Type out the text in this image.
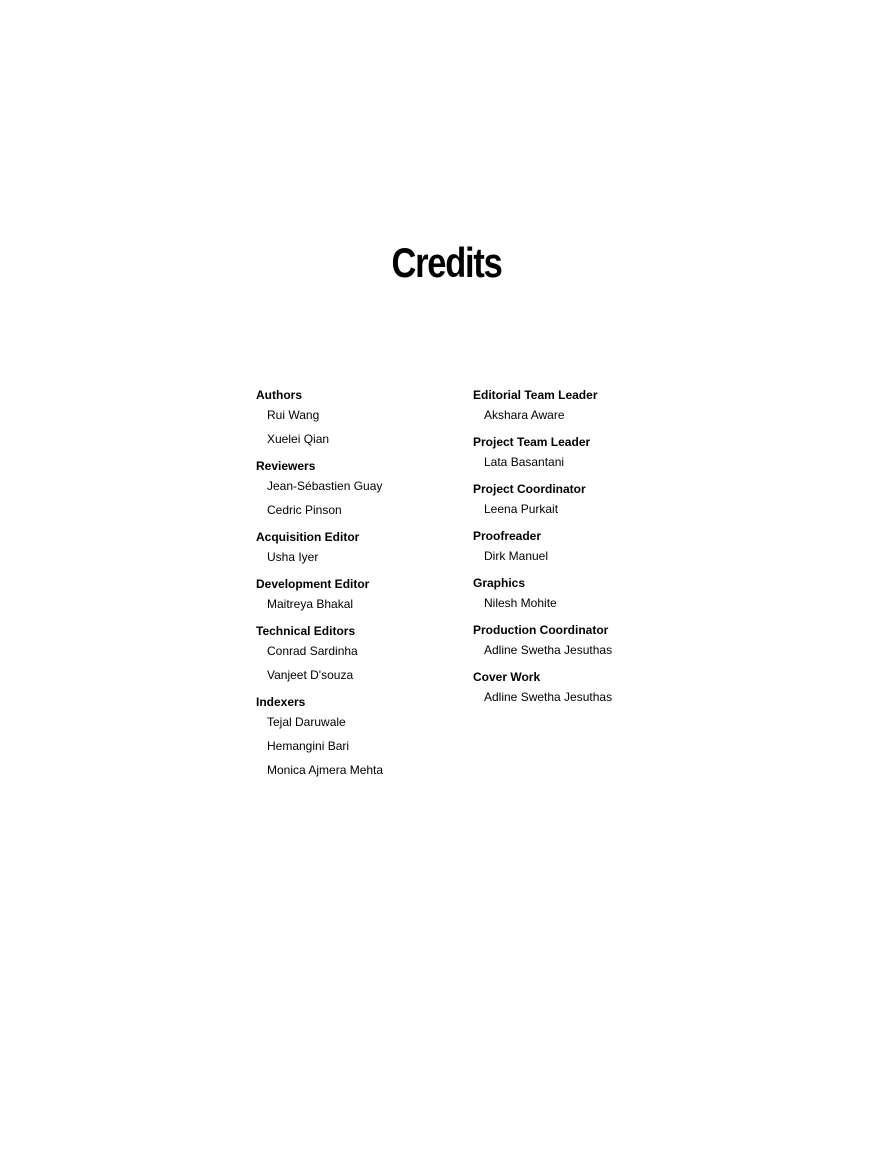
Credits
Authors
Rui Wang
Xuelei Qian
Reviewers
Jean-Sébastien Guay
Cedric Pinson
Acquisition Editor
Usha Iyer
Development Editor
Maitreya Bhakal
Technical Editors
Conrad Sardinha
Vanjeet D'souza
Indexers
Tejal Daruwale
Hemangini Bari
Monica Ajmera Mehta
Editorial Team Leader
Akshara Aware
Project Team Leader
Lata Basantani
Project Coordinator
Leena Purkait
Proofreader
Dirk Manuel
Graphics
Nilesh Mohite
Production Coordinator
Adline Swetha Jesuthas
Cover Work
Adline Swetha Jesuthas
